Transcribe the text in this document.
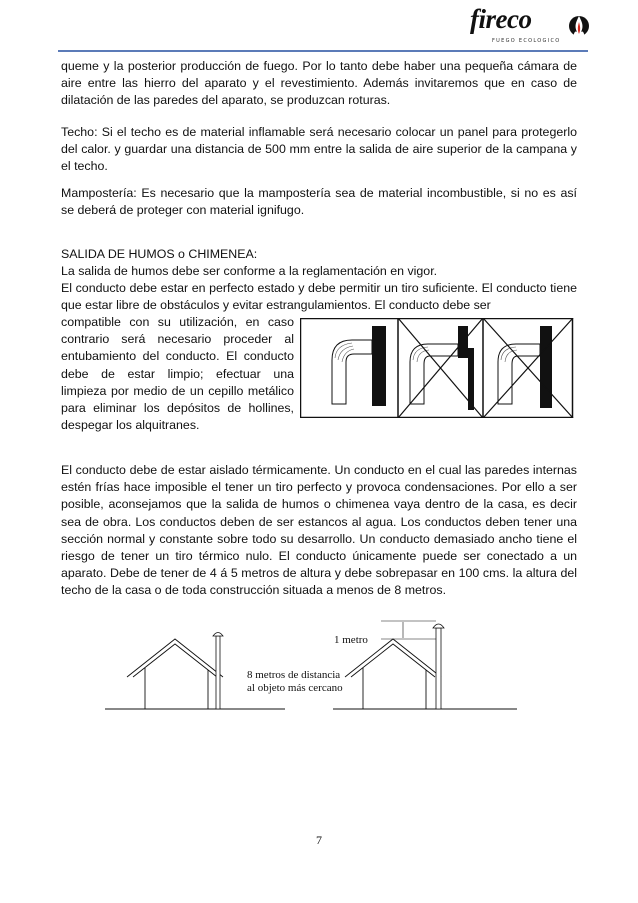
fireco
FUEGO ECOLOGICO

queme y la posterior producción de fuego. Por lo tanto debe haber una pequeña cámara de aire entre las hierro del aparato y el revestimiento. Además invitaremos que en caso de dilatación de las paredes del aparato, se produzcan roturas.

Techo: Si el techo es de material inflamable será necesario colocar un panel para protegerlo del calor. y guardar una distancia de 500 mm entre la salida de aire superior de la campana y el techo.

Mampostería: Es necesario que la mampostería sea de material incombustible, si no es así se deberá de proteger con material ignifugo.

SALIDA DE HUMOS o CHIMENEA:

La salida de humos debe ser conforme a la reglamentación en vigor.

El conducto debe estar en perfecto estado y debe permitir un tiro suficiente. El conducto tiene que estar libre de obstáculos y evitar estrangulamientos. El conducto debe ser

compatible con su utilización, en caso contrario será necesario proceder al entubamiento del conducto. El conducto debe de estar limpio; efectuar una limpieza por medio de un cepillo metálico para eliminar los depósitos de hollines, despegar los alquitranes.

El conducto debe de estar aislado térmicamente. Un conducto en el cual las paredes internas estén frías hace imposible el tener un tiro perfecto y provoca condensaciones. Por ello a ser posible, aconsejamos que la salida de humos o chimenea vaya dentro de la casa, es decir sea de obra. Los conductos deben de ser estancos al agua. Los conductos deben tener una sección normal y constante sobre todo su desarrollo. Un conducto demasiado ancho tiene el riesgo de tener un tiro térmico nulo. El conducto únicamente puede ser conectado a un aparato. Debe de tener de 4 á 5 metros de altura y debe sobrepasar en 100 cms. la altura del techo de la casa o de toda construcción situada a menos de 8 metros.

8 metros de distancia
al objeto más cercano
1 metro
7
